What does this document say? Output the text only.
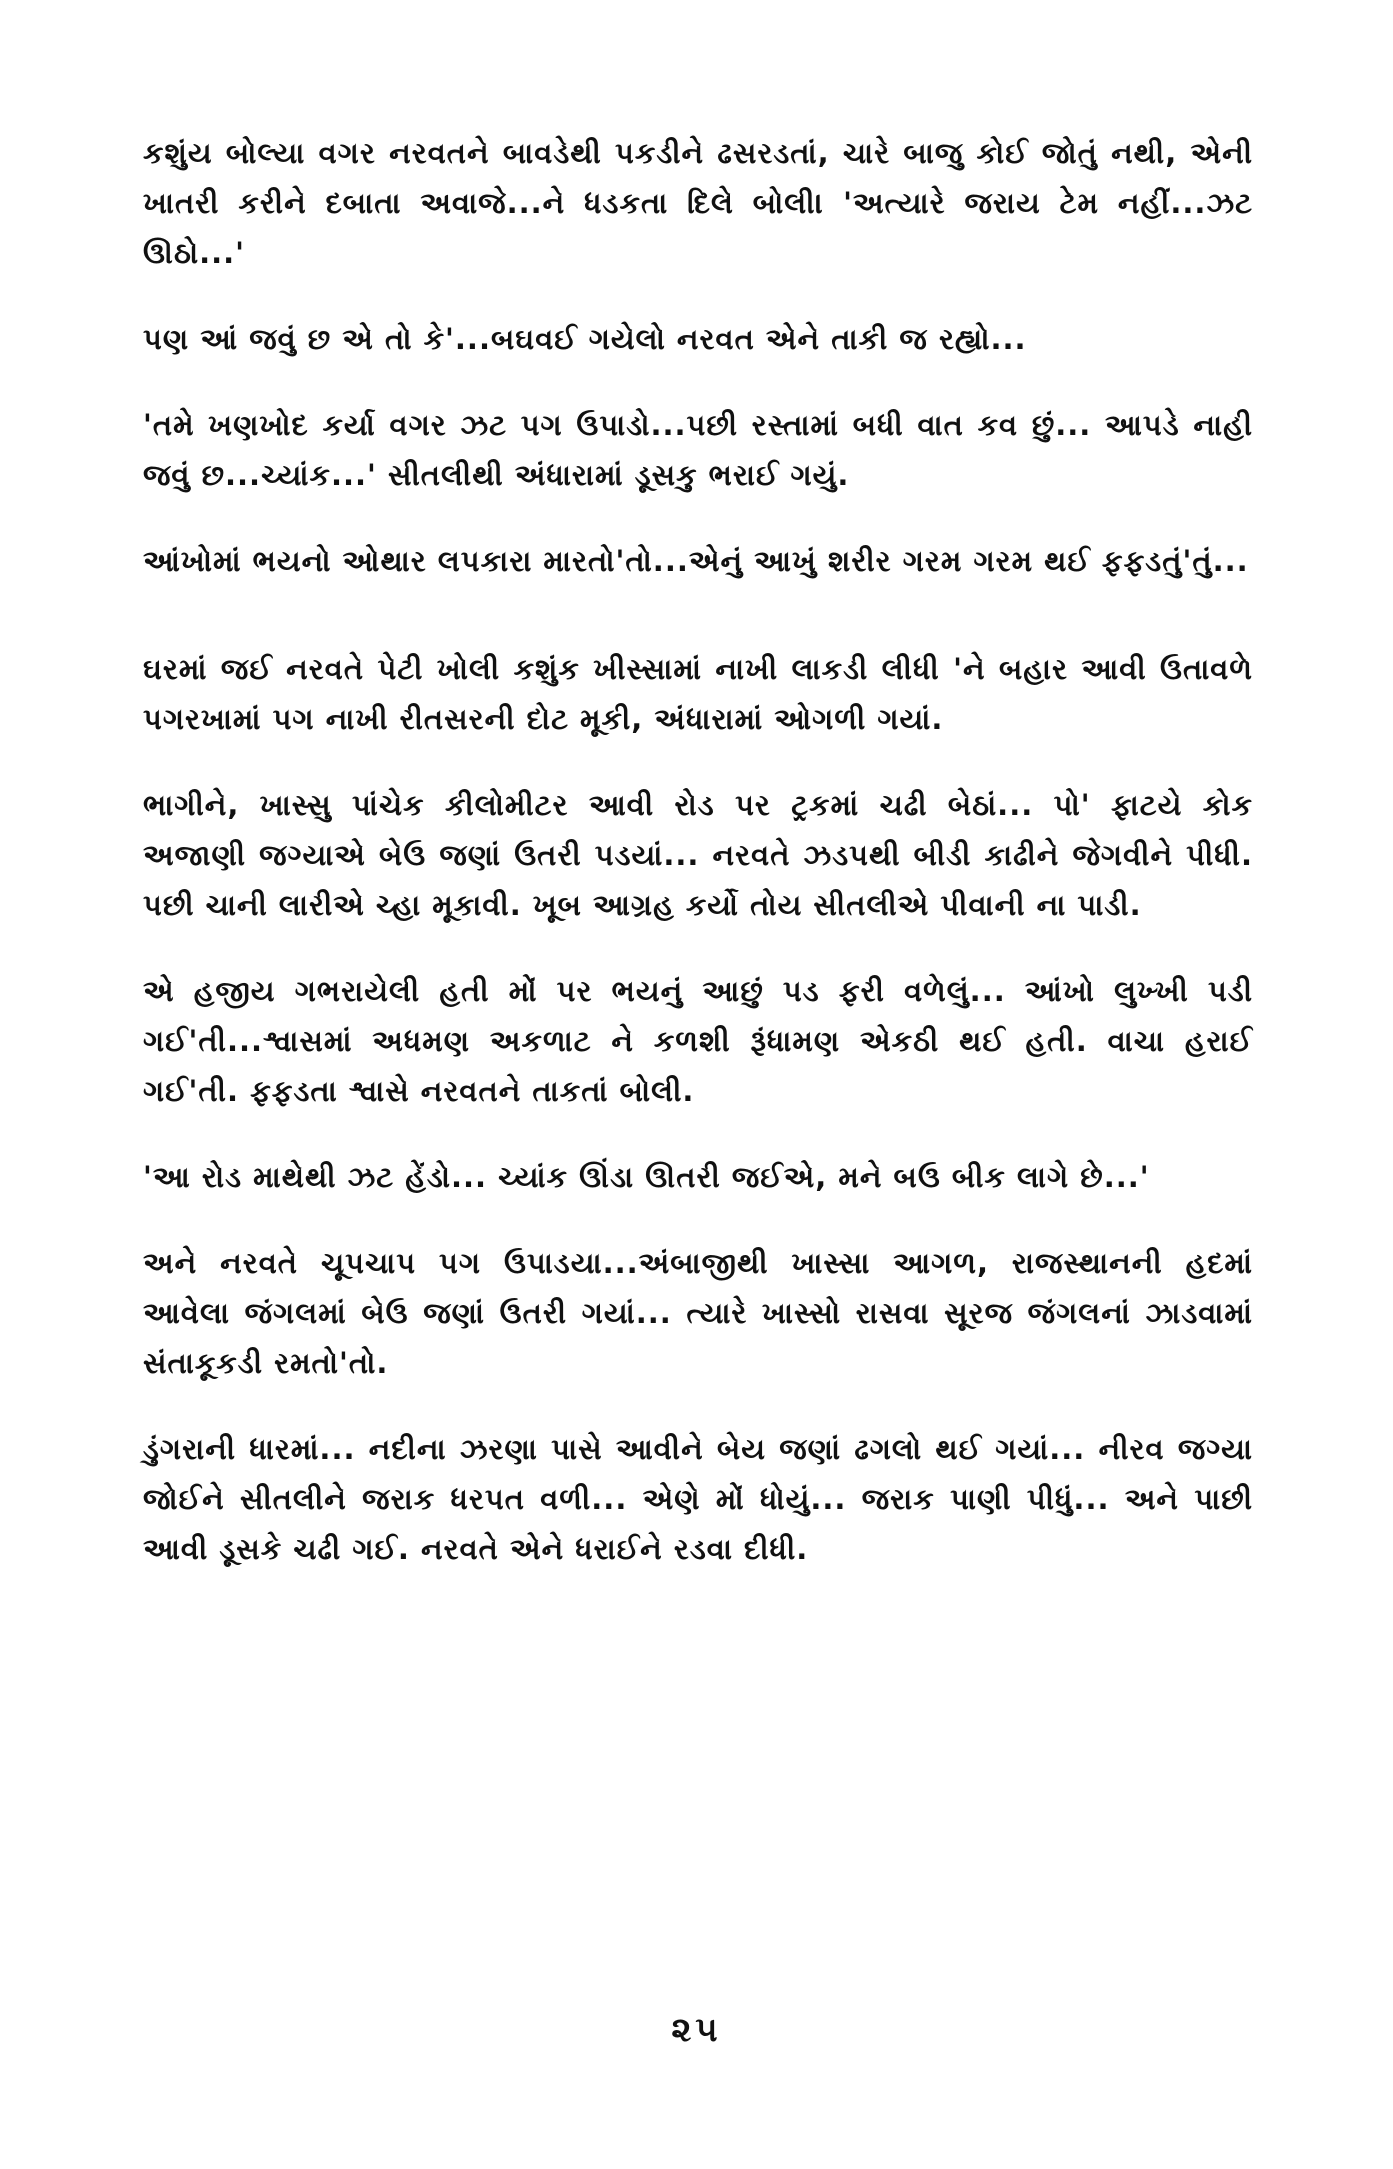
કશુંય બોલ્યા વગર નરવતને બાવડેથી પકડીને ઢસરડતાં, ચારે બાજુ કોઈ જોતું નથી, એની ખાતરી કરીને દબાતા અવાજે...ને ધડકતા દિલે બોલી। 'અત્યારે જરાય ટેમ નહીં...ઝટ ઊઠો...'

પણ આં જવું છ એ તો કે'...બઘવઈ ગયેલો નરવત એને તાકી જ રહ્યો...

'તમે ખણખોદ કર્યા વગર ઝટ પગ ઉપાડો...પછી રસ્તામાં બધી વાત કવ છું... આપડે નાહી જવું છ...ચ્યાંક...' સીતલીથી અંધારામાં ડૂસકુ ભરાઈ ગયું.

આંખોમાં ભયનો ઓથાર લપકારા મારતો'તો...એનું આખું શરીર ગરમ ગરમ થઈ ફફડતું'તું...

ઘરમાં જઈ નરવતે પેટી ખોલી કશુંક ખીસ્સામાં નાખી લાકડી લીધી 'ને બહાર આવી ઉતાવળે પગરખામાં પગ નાખી રીતસરની દોટ મૂકી, અંધારામાં ઓગળી ગયાં.

ભાગીને, ખાસ્સુ પાંચેક કીલોમીટર આવી રોડ પર ટ્રકમાં ચઢી બેઠાં... પો' ફાટયે કોક અજાણી જગ્યાએ બેઉ જણાં ઉતરી પડયાં... નરવતે ઝડપથી બીડી કાઢીને જેગવીને પીધી. પછી ચાની લારીએ ચ્હા મૂકાવી. ખૂબ આગ્રહ કર્યો તોય સીતલીએ પીવાની ના પાડી.

એ હજીય ગભરાયેલી હતી મોં પર ભયનું આછું પડ ફરી વળેલું... આંખો લુખ્ખી પડી ગઈ'તી...શ્વાસમાં અધમણ અકળાટ ને કળશી રૂંધામણ એકઠી થઈ હતી. વાચા હરાઈ ગઈ'તી. ફફડતા શ્વાસે નરવતને તાકતાં બોલી.

'આ રોડ માથેથી ઝટ હેંડો... ચ્યાંક ઊંડા ઊતરી જઈએ, મને બઉ બીક લાગે છે...'

અને નરવતે ચૂપચાપ પગ ઉપાડયા...અંબાજીથી ખાસ્સા આગળ, રાજસ્થાનની હદમાં આવેલા જંગલમાં બેઉ જણાં ઉતરી ગયાં... ત્યારે ખાસ્સો રાસવા સૂરજ જંગલનાં ઝાડવામાં સંતાકૂકડી રમતો'તો.

ડુંગરાની ધારમાં... નદીના ઝરણા પાસે આવીને બેય જણાં ઢગલો થઈ ગયાં... નીરવ જગ્યા જોઈને સીતલીને જરાક ધરપત વળી... એણે મોં ધોયું... જરાક પાણી પીધું... અને પાછી આવી ડૂસકે ચઢી ગઈ. નરવતે એને ધરાઈને રડવા દીધી.

૨૫
